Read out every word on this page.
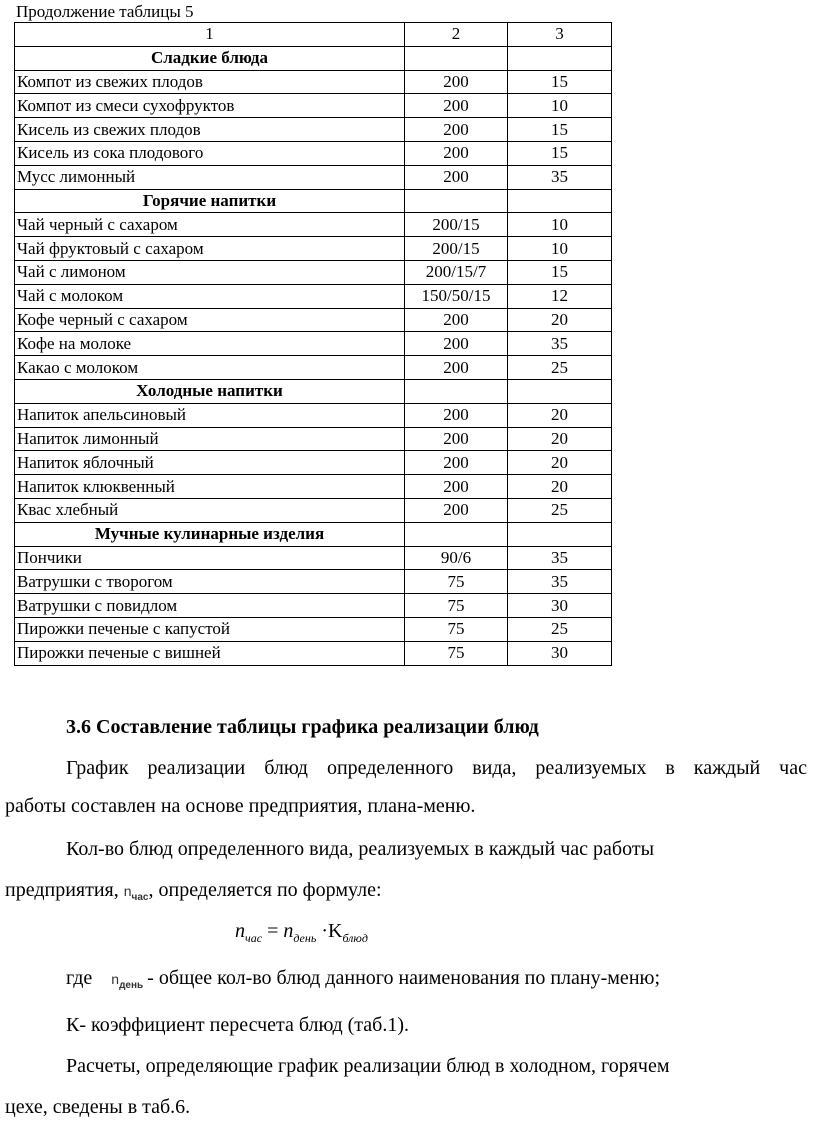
Продолжение таблицы 5
1	2	3
Сладкие блюда		
Компот из свежих плодов	200	15
Компот из смеси сухофруктов	200	10
Кисель из свежих плодов	200	15
Кисель из сока плодового	200	15
Мусс лимонный	200	35
Горячие напитки		
Чай черный с сахаром	200/15	10
Чай фруктовый с сахаром	200/15	10
Чай с лимоном	200/15/7	15
Чай с молоком	150/50/15	12
Кофе черный с сахаром	200	20
Кофе на молоке	200	35
Какао с молоком	200	25
Холодные напитки		
Напиток апельсиновый	200	20
Напиток лимонный	200	20
Напиток яблочный	200	20
Напиток клюквенный	200	20
Квас хлебный	200	25
Мучные кулинарные изделия		
Пончики	90/6	35
Ватрушки с творогом	75	35
Ватрушки с повидлом	75	30
Пирожки печеные с капустой	75	25
Пирожки печеные с вишней	75	30
3.6 Составление таблицы графика реализации блюд
График реализации блюд определенного вида, реализуемых в каждый час
работы составлен на основе предприятия, плана-меню.
Кол-во блюд определенного вида, реализуемых в каждый час работы
предприятия, $n_{час}$, определяется по формуле:
$n_{час} = n_{день} \cdot K_{блюд}$
где $n_{день}$ - общее кол-во блюд данного наименования по плану-меню;
К- коэффициент пересчета блюд (таб.1).
Расчеты, определяющие график реализации блюд в холодном, горячем
цехе, сведены в таб.6.
